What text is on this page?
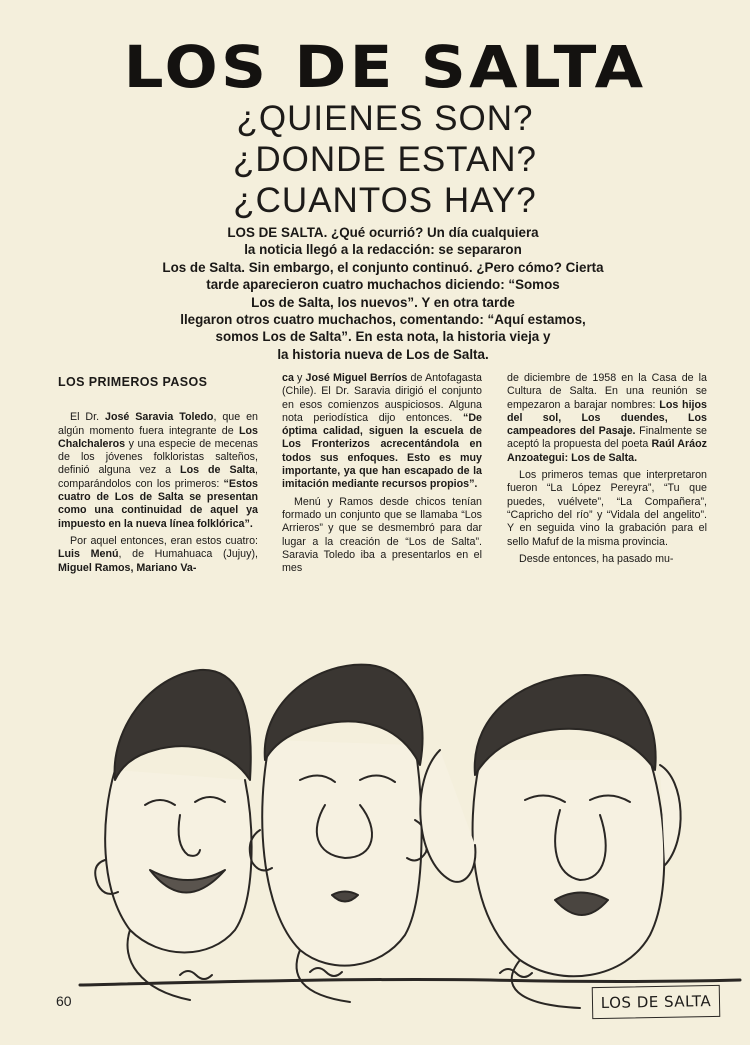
LOS DE SALTA
¿QUIENES SON?
¿DONDE ESTAN?
¿CUANTOS HAY?
LOS DE SALTA. ¿Qué ocurrió? Un día cualquiera
la noticia llegó a la redacción: se separaron
Los de Salta. Sin embargo, el conjunto continuó. ¿Pero cómo? Cierta
tarde aparecieron cuatro muchachos diciendo: “Somos
Los de Salta, los nuevos”. Y en otra tarde
llegaron otros cuatro muchachos, comentando: “Aquí estamos,
somos Los de Salta”. En esta nota, la historia vieja y
la historia nueva de Los de Salta.
LOS PRIMEROS PASOS

El Dr. José Saravia Toledo, que en algún momento fuera integrante de Los Chalchaleros y una especie de mecenas de los jóvenes folkloristas salteños, definió alguna vez a Los de Salta, comparándolos con los primeros: “Estos cuatro de Los de Salta se presentan como una continuidad de aquel ya impuesto en la nueva línea folklórica”.

Por aquel entonces, eran estos cuatro: Luis Menú, de Humahuaca (Jujuy), Miguel Ramos, Mariano Va-

ca y José Miguel Berríos de Antofagasta (Chile). El Dr. Saravia dirigió el conjunto en esos comienzos auspiciosos. Alguna nota periodística dijo entonces. “De óptima calidad, siguen la escuela de Los Fronterizos acrecentándola en todos sus enfoques. Esto es muy importante, ya que han escapado de la imitación mediante recursos propios”.

Menú y Ramos desde chicos tenían formado un conjunto que se llamaba “Los Arrieros” y que se desmembró para dar lugar a la creación de “Los de Salta”. Saravia Toledo iba a presentarlos en el mes

de diciembre de 1958 en la Casa de la Cultura de Salta. En una reunión se empezaron a barajar nombres: Los hijos del sol, Los duendes, Los campeadores del Pasaje. Finalmente se aceptó la propuesta del poeta Raúl Aráoz Anzoategui: Los de Salta.

Los primeros temas que interpretaron fueron “La López Pereyra”, “Tu que puedes, vuélvete”, “La Compañera”, “Capricho del río” y “Vidala del angelito”. Y en seguida vino la grabación para el sello Mafuf de la misma provincia.

Desde entonces, ha pasado mu-

LOS DE SALTA
60
